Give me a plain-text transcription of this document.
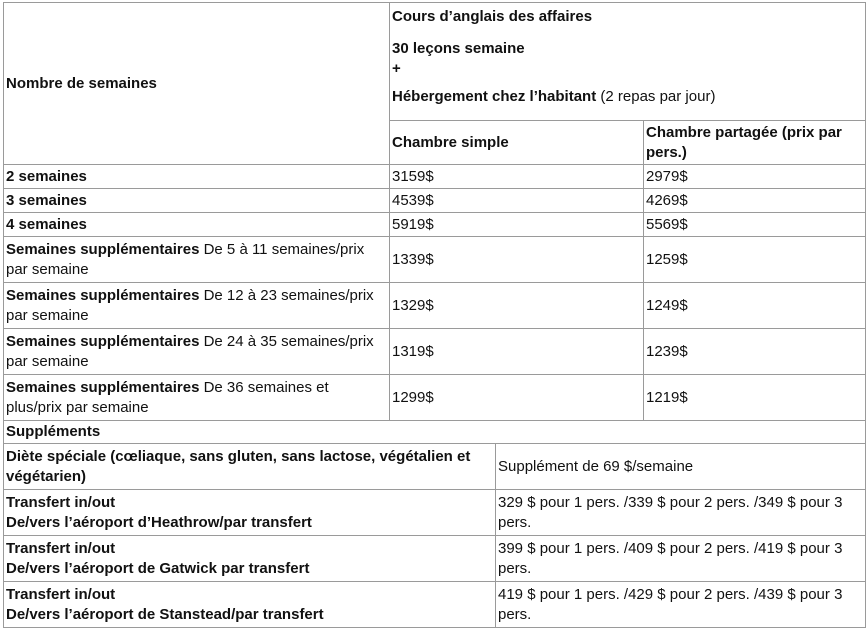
Nombre de semaines	Cours d’anglais des affaires
30 leçons semaine
+
Hébergement chez l’habitant (2 repas par jour)		

	Chambre simple		Chambre partagée (prix par pers.)
2 semaines	3159$		2979$
3 semaines	4539$		4269$
4 semaines	5919$		5569$
Semaines supplémentaires De 5 à 11 semaines/prix par semaine	1339$		1259$
Semaines supplémentaires De 12 à 23 semaines/prix par semaine	1329$		1249$
Semaines supplémentaires De 24 à 35 semaines/prix par semaine	1319$		1239$
Semaines supplémentaires De 36 semaines et plus/prix par semaine	1299$		1219$
Suppléments			

Diète spéciale (cœliaque, sans gluten, sans lactose, végétalien et végétarien)		Supplément de 69 $/semaine	

Transfert in/out
De/vers l’aéroport d’Heathrow/par transfert		329 $ pour 1 pers. /339 $ pour 2 pers. /349 $ pour 3 pers.	

Transfert in/out
De/vers l’aéroport de Gatwick par transfert		399 $ pour 1 pers. /409 $ pour 2 pers. /419 $ pour 3 pers.	

Transfert in/out
De/vers l’aéroport de Stanstead/par transfert		419 $ pour 1 pers. /429 $ pour 2 pers. /439 $ pour 3 pers.	
